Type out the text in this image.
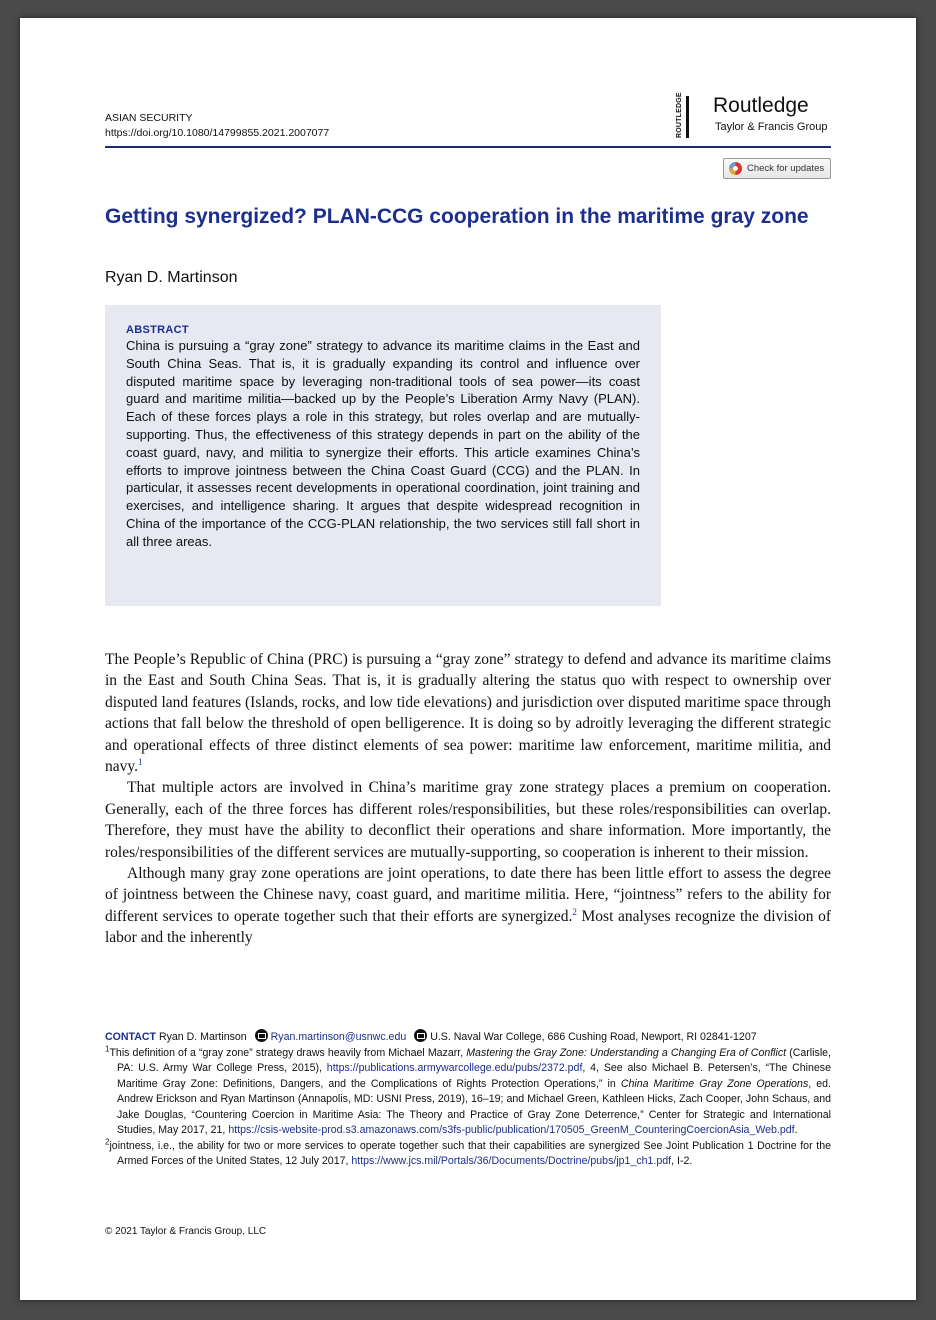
ASIAN SECURITY
https://doi.org/10.1080/14799855.2021.2007077	ROUTLEDGE Routledge
Taylor & Francis Group
Check for updates
Getting synergized? PLAN-CCG cooperation in the maritime gray zone
Ryan D. Martinson
ABSTRACT
China is pursuing a “gray zone” strategy to advance its maritime claims in the East and South China Seas. That is, it is gradually expanding its control and influence over disputed maritime space by leveraging non-traditional tools of sea power—its coast guard and maritime militia—backed up by the People’s Liberation Army Navy (PLAN). Each of these forces plays a role in this strategy, but roles overlap and are mutually-supporting. Thus, the effectiveness of this strategy depends in part on the ability of the coast guard, navy, and militia to synergize their efforts. This article examines China’s efforts to improve jointness between the China Coast Guard (CCG) and the PLAN. In particular, it assesses recent developments in operational coordination, joint training and exercises, and intelligence sharing. It argues that despite widespread recognition in China of the importance of the CCG-PLAN relationship, the two services still fall short in all three areas.

The People’s Republic of China (PRC) is pursuing a “gray zone” strategy to defend and advance its maritime claims in the East and South China Seas. That is, it is gradually altering the status quo with respect to ownership over disputed land features (Islands, rocks, and low tide elevations) and jurisdiction over disputed maritime space through actions that fall below the threshold of open belligerence. It is doing so by adroitly leveraging the different strategic and operational effects of three distinct elements of sea power: maritime law enforcement, maritime militia, and navy.$^1$

That multiple actors are involved in China’s maritime gray zone strategy places a premium on cooperation. Generally, each of the three forces has different roles/responsibilities, but these roles/responsibilities can overlap. Therefore, they must have the ability to deconflict their operations and share information. More importantly, the roles/responsibilities of the different services are mutually-supporting, so cooperation is inherent to their mission.

Although many gray zone operations are joint operations, to date there has been little effort to assess the degree of jointness between the Chinese navy, coast guard, and maritime militia. Here, “jointness” refers to the ability for different services to operate together such that their efforts are synergized.$^2$ Most analyses recognize the division of labor and the inherently

CONTACT Ryan D. Martinson Ryan.martinson@usnwc.edu U.S. Naval War College, 686 Cushing Road, Newport, RI 02841-1207
$^1$This definition of a “gray zone” strategy draws heavily from Michael Mazarr, Mastering the Gray Zone: Understanding a Changing Era of Conflict (Carlisle, PA: U.S. Army War College Press, 2015), https://publications.armywarcollege.edu/pubs/2372.pdf, 4, See also Michael B. Petersen’s, “The Chinese Maritime Gray Zone: Definitions, Dangers, and the Complications of Rights Protection Operations,” in China Maritime Gray Zone Operations, ed. Andrew Erickson and Ryan Martinson (Annapolis, MD: USNI Press, 2019), 16–19; and Michael Green, Kathleen Hicks, Zach Cooper, John Schaus, and Jake Douglas, “Countering Coercion in Maritime Asia: The Theory and Practice of Gray Zone Deterrence,” Center for Strategic and International Studies, May 2017, 21, https://csis-website-prod.s3.amazonaws.com/s3fs-public/publication/170505_GreenM_CounteringCoercionAsia_Web.pdf.
$^2$jointness, i.e., the ability for two or more services to operate together such that their capabilities are synergized See Joint Publication 1 Doctrine for the Armed Forces of the United States, 12 July 2017, https://www.jcs.mil/Portals/36/Documents/Doctrine/pubs/jp1_ch1.pdf, I-2.
© 2021 Taylor & Francis Group, LLC
